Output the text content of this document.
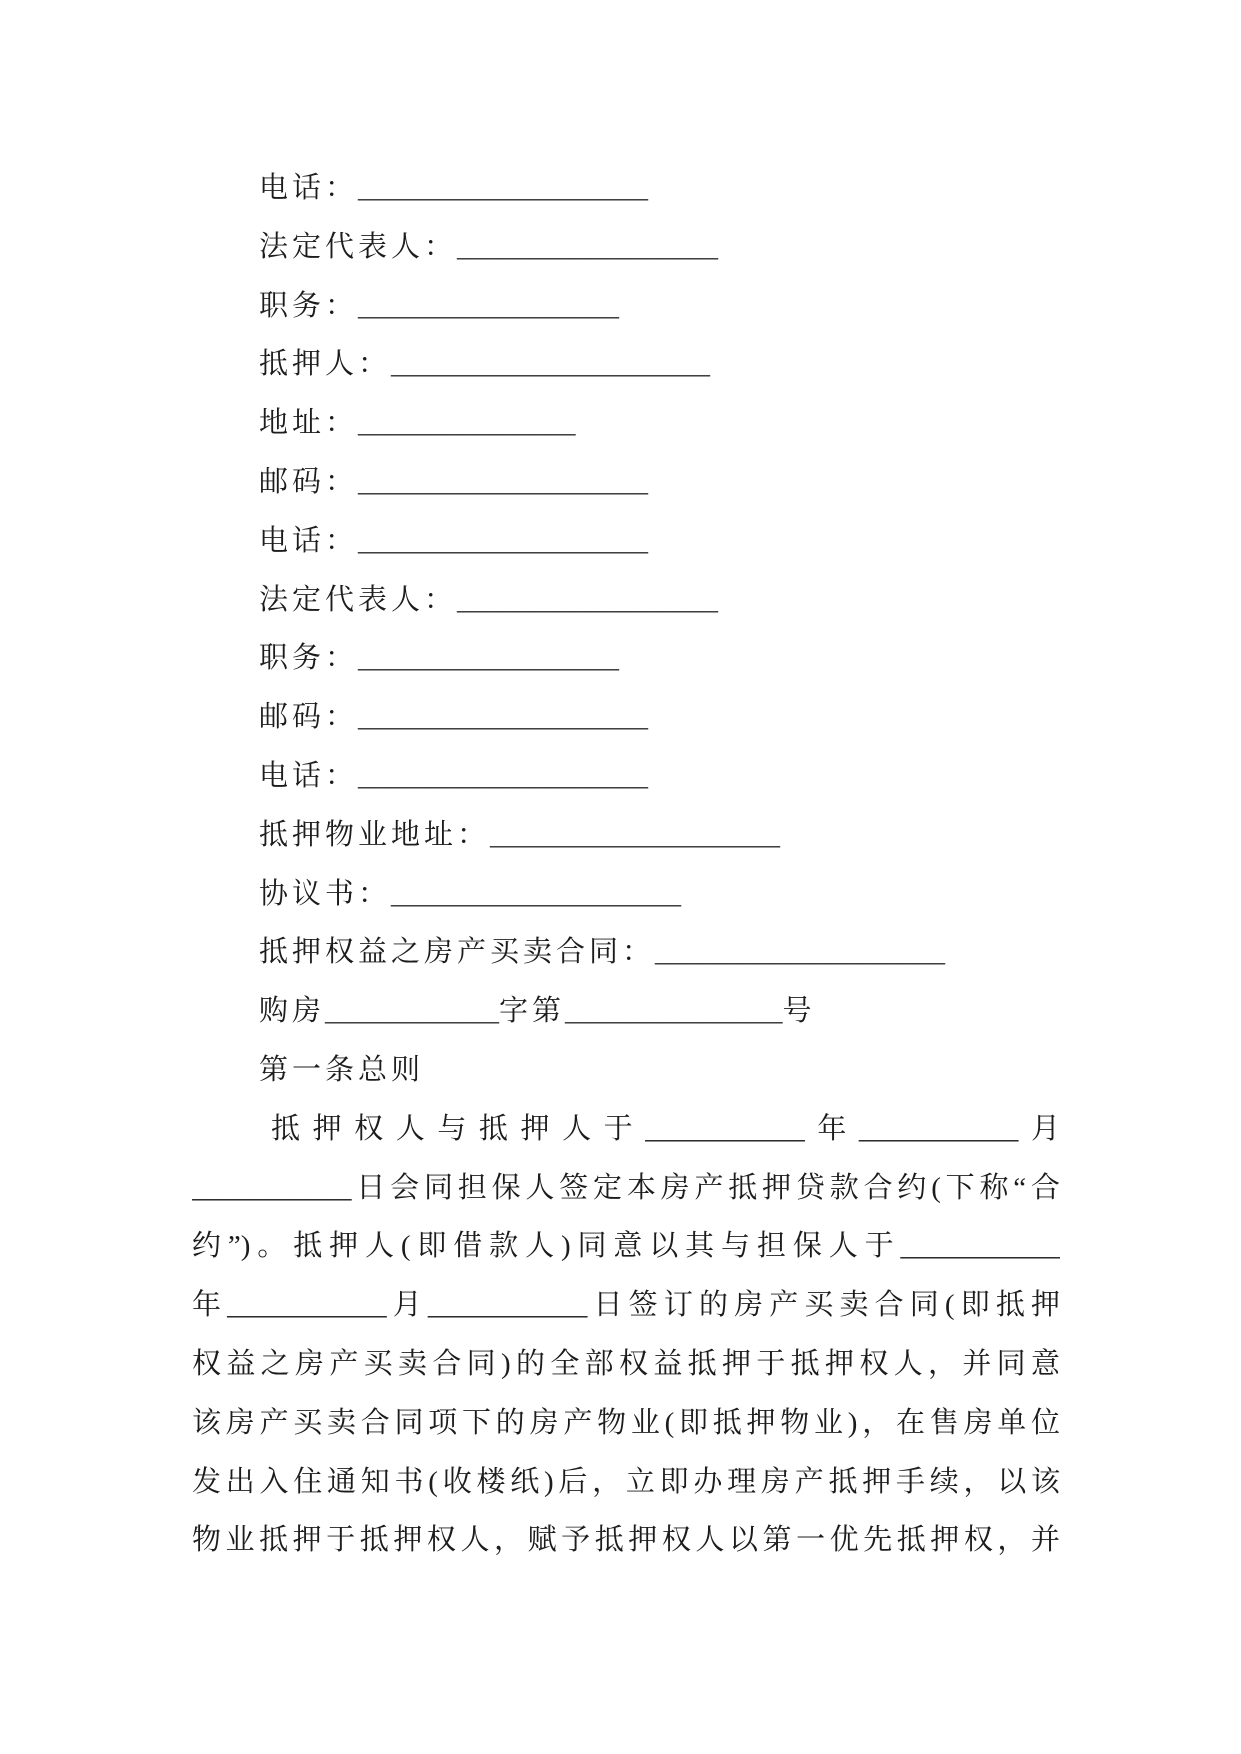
电话：____________________
法定代表人：__________________
职务：__________________
抵押人：______________________
地址：_______________
邮码：____________________
电话：____________________
法定代表人：__________________
职务：__________________
邮码：____________________
电话：____________________
抵押物业地址：____________________
协议书：____________________
抵押权益之房产买卖合同：____________________
购房____________字第_______________号
第一条总则
抵押权人与抵押人于___________年___________月
___________日会同担保人签定本房产抵押贷款合约(下称“合
约”)。抵押人(即借款人)同意以其与担保人于___________
年___________月___________日签订的房产买卖合同(即抵押
权益之房产买卖合同)的全部权益抵押于抵押权人，并同意
该房产买卖合同项下的房产物业(即抵押物业)，在售房单位
发出入住通知书(收楼纸)后，立即办理房产抵押手续，以该
物业抵押于抵押权人，赋予抵押权人以第一优先抵押权，并
